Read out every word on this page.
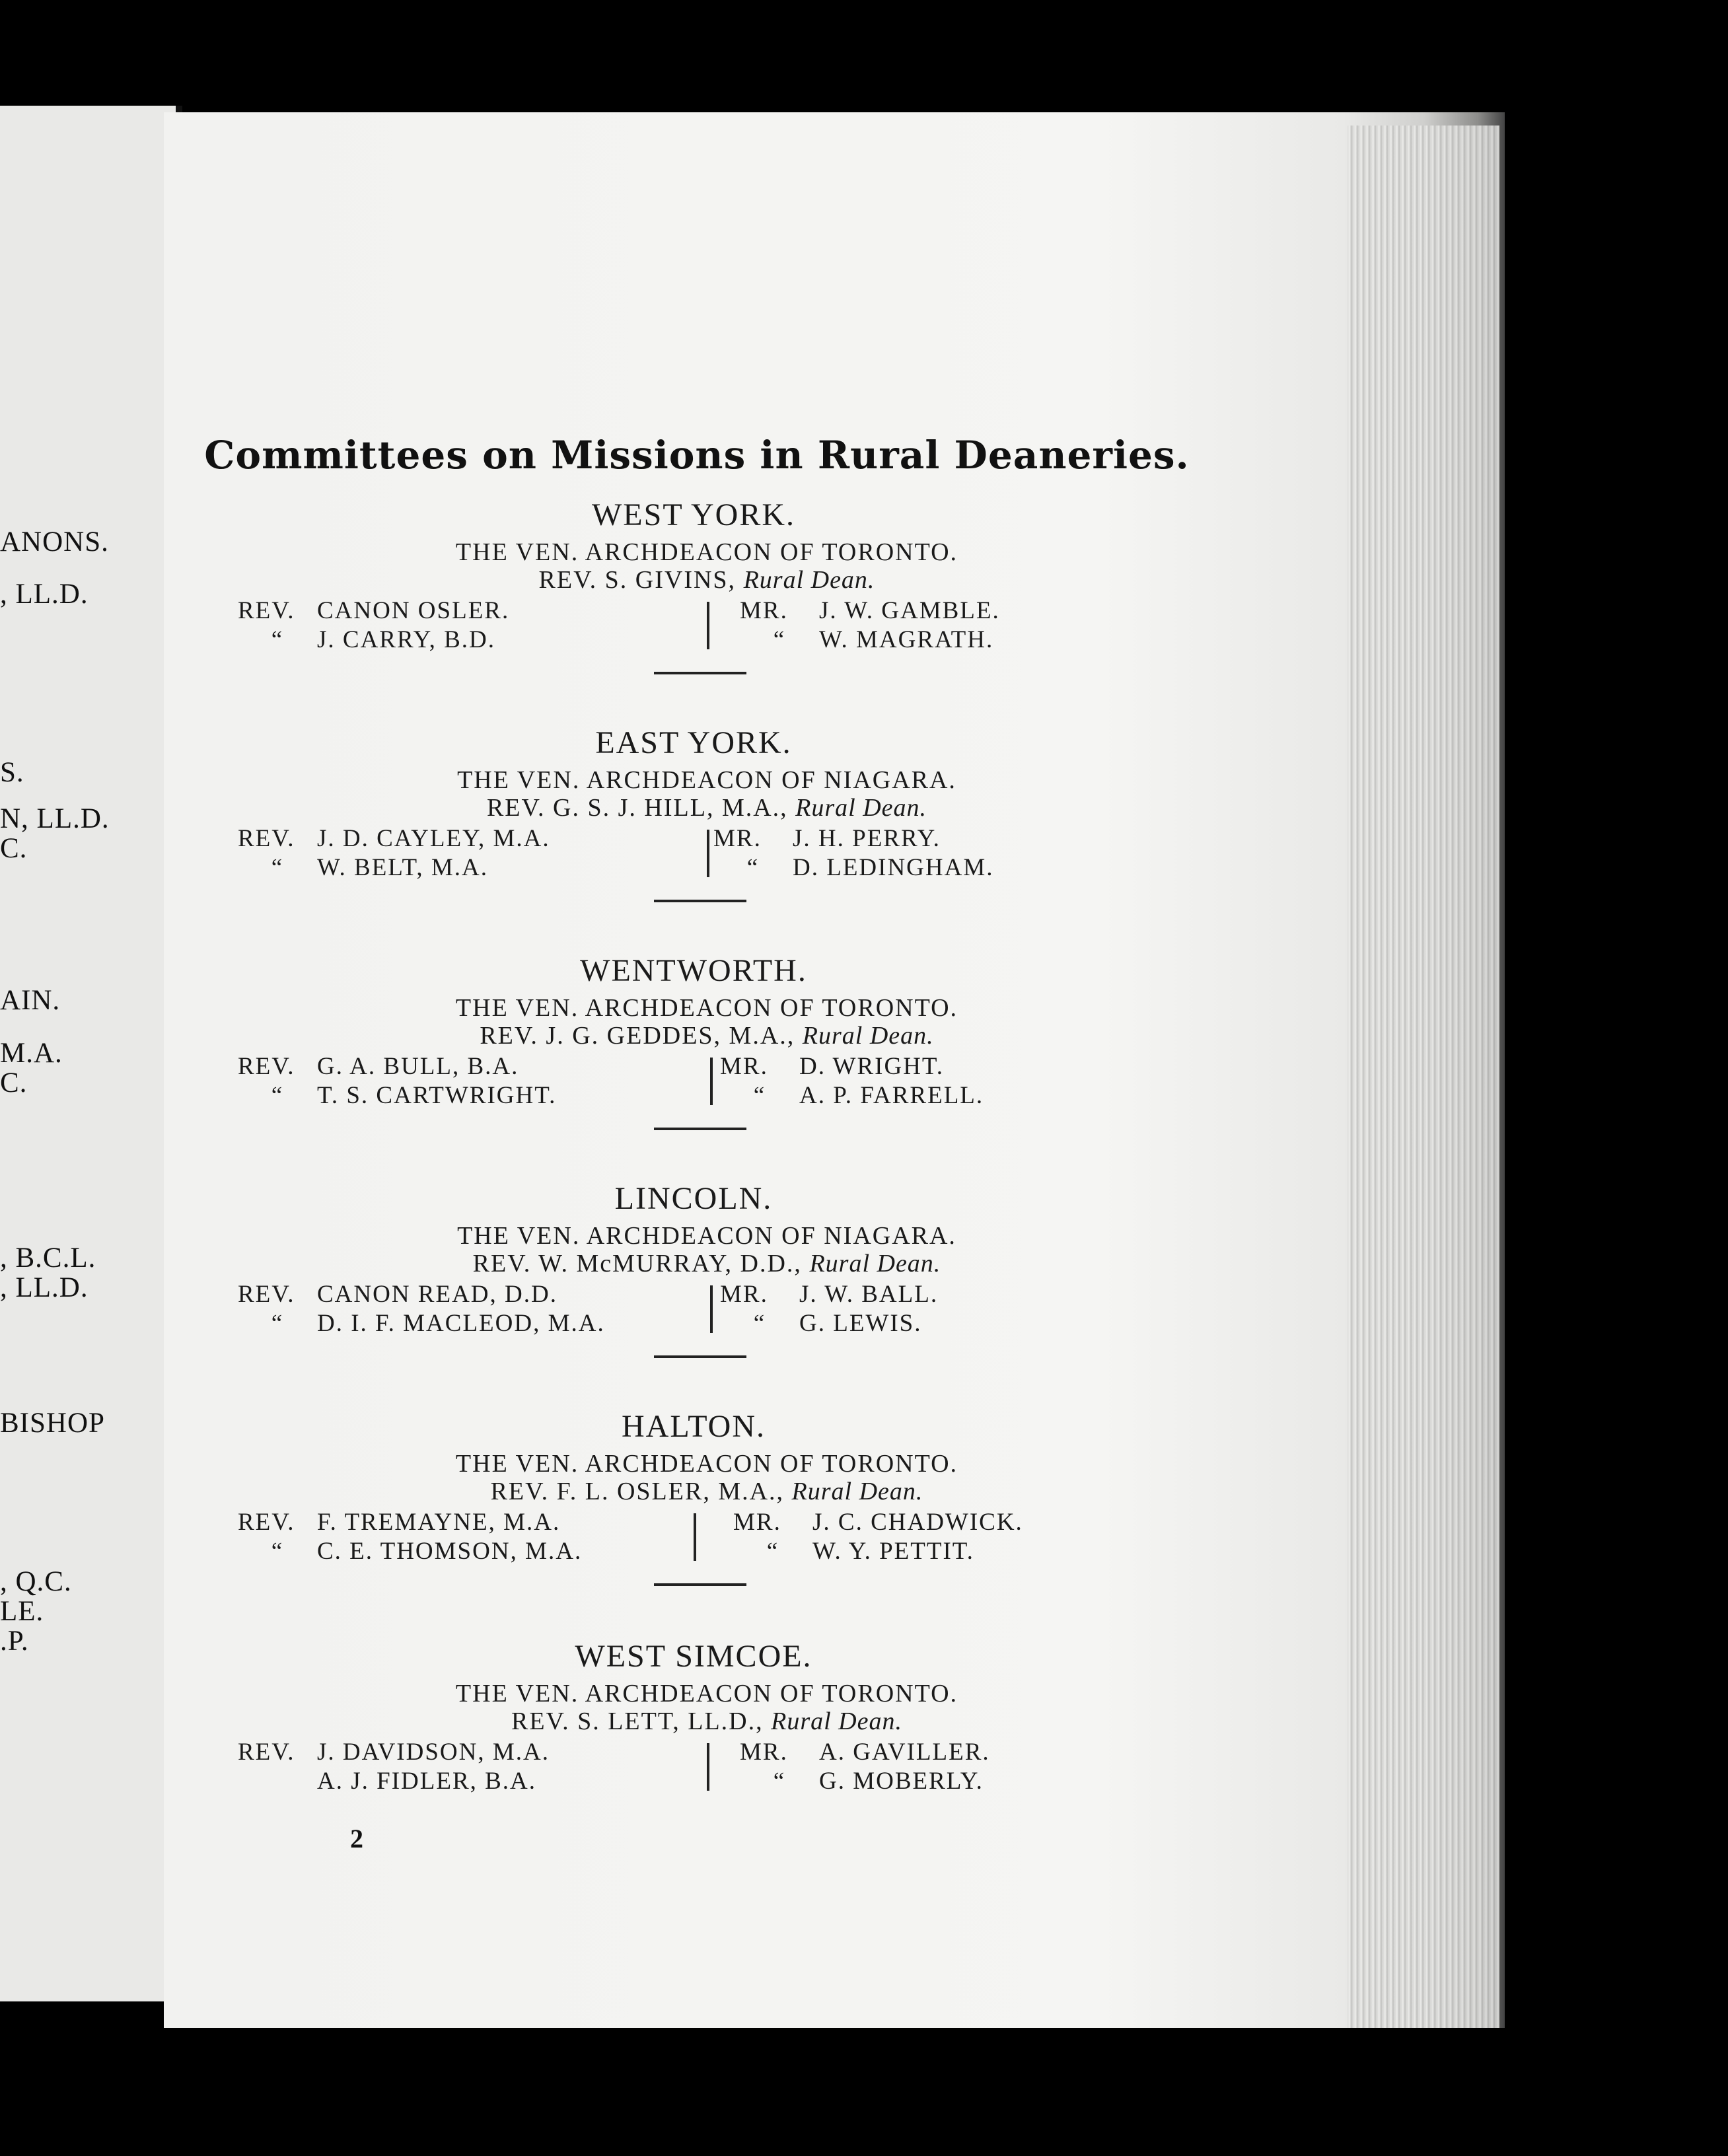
ANONS.
, LL.D.
S.
N, LL.D.
C.
AIN.
M.A.
C.
, B.C.L.
, LL.D.
BISHOP
, Q.C.
LE.
.P.
Committees on Missions in Rural Deaneries.
WEST YORK.
THE VEN. ARCHDEACON OF TORONTO.
REV. S. GIVINS, Rural Dean.
REV. CANON OSLER.
“ J. CARRY, B.D.
MR. J. W. GAMBLE.
“ W. MAGRATH.
EAST YORK.
THE VEN. ARCHDEACON OF NIAGARA.
REV. G. S. J. HILL, M.A., Rural Dean.
REV. J. D. CAYLEY, M.A.
“ W. BELT, M.A.
MR. J. H. PERRY.
“ D. LEDINGHAM.
WENTWORTH.
THE VEN. ARCHDEACON OF TORONTO.
REV. J. G. GEDDES, M.A., Rural Dean.
REV. G. A. BULL, B.A.
“ T. S. CARTWRIGHT.
MR. D. WRIGHT.
“ A. P. FARRELL.
LINCOLN.
THE VEN. ARCHDEACON OF NIAGARA.
REV. W. McMURRAY, D.D., Rural Dean.
REV. CANON READ, D.D.
“ D. I. F. MACLEOD, M.A.
MR. J. W. BALL.
“ G. LEWIS.
HALTON.
THE VEN. ARCHDEACON OF TORONTO.
REV. F. L. OSLER, M.A., Rural Dean.
REV. F. TREMAYNE, M.A.
“ C. E. THOMSON, M.A.
MR. J. C. CHADWICK.
“ W. Y. PETTIT.
WEST SIMCOE.
THE VEN. ARCHDEACON OF TORONTO.
REV. S. LETT, LL.D., Rural Dean.
REV. J. DAVIDSON, M.A.
A. J. FIDLER, B.A.
MR. A. GAVILLER.
“ G. MOBERLY.
2
